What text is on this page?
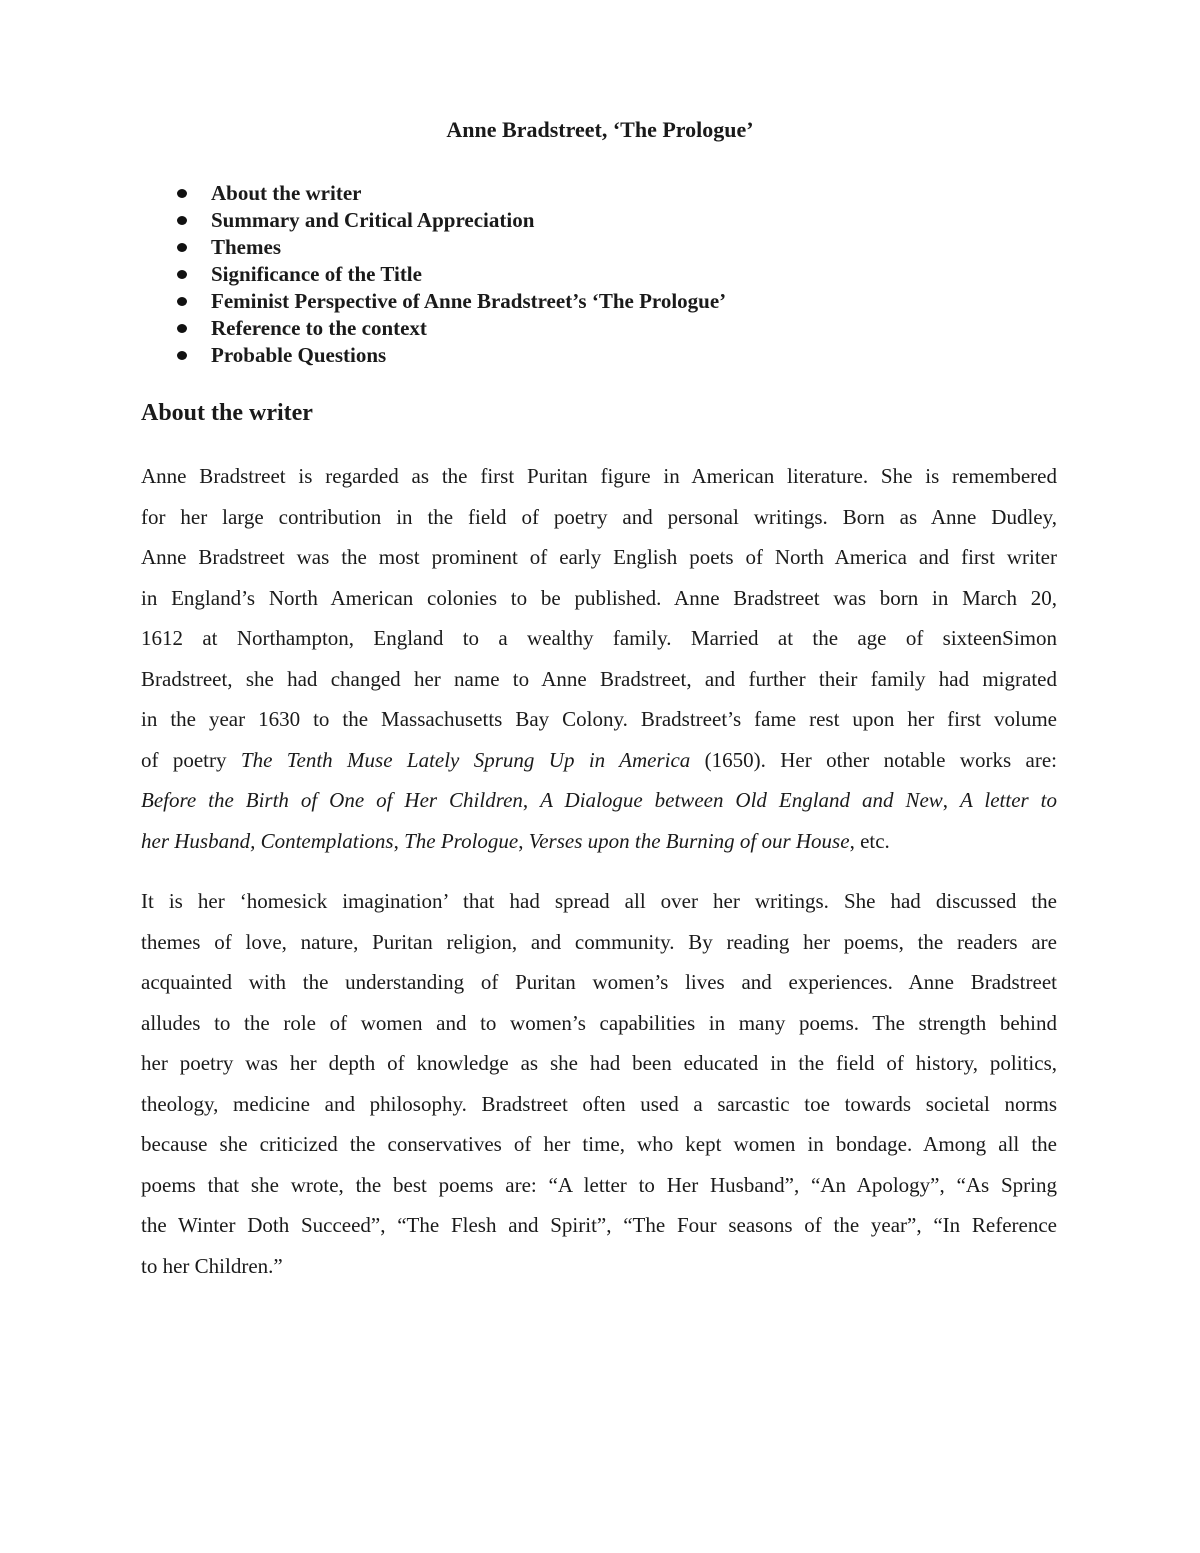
Anne Bradstreet, ‘The Prologue’
About the writer
Summary and Critical Appreciation
Themes
Significance of the Title
Feminist Perspective of Anne Bradstreet’s ‘The Prologue’
Reference to the context
Probable Questions
About the writer

Anne Bradstreet is regarded as the first Puritan figure in American literature. She is remembered
for her large contribution in the field of poetry and personal writings. Born as Anne Dudley,
Anne Bradstreet was the most prominent of early English poets of North America and first writer
in England’s North American colonies to be published. Anne Bradstreet was born in March 20,
1612 at Northampton, England to a wealthy family. Married at the age of sixteenSimon
Bradstreet, she had changed her name to Anne Bradstreet, and further their family had migrated
in the year 1630 to the Massachusetts Bay Colony. Bradstreet’s fame rest upon her first volume
of poetry The Tenth Muse Lately Sprung Up in America (1650). Her other notable works are:
Before the Birth of One of Her Children, A Dialogue between Old England and New, A letter to
her Husband, Contemplations, The Prologue, Verses upon the Burning of our House, etc.

It is her ‘homesick imagination’ that had spread all over her writings. She had discussed the
themes of love, nature, Puritan religion, and community. By reading her poems, the readers are
acquainted with the understanding of Puritan women’s lives and experiences. Anne Bradstreet
alludes to the role of women and to women’s capabilities in many poems. The strength behind
her poetry was her depth of knowledge as she had been educated in the field of history, politics,
theology, medicine and philosophy. Bradstreet often used a sarcastic toe towards societal norms
because she criticized the conservatives of her time, who kept women in bondage. Among all the
poems that she wrote, the best poems are: “A letter to Her Husband”, “An Apology”, “As Spring
the Winter Doth Succeed”, “The Flesh and Spirit”, “The Four seasons of the year”, “In Reference
to her Children.”
